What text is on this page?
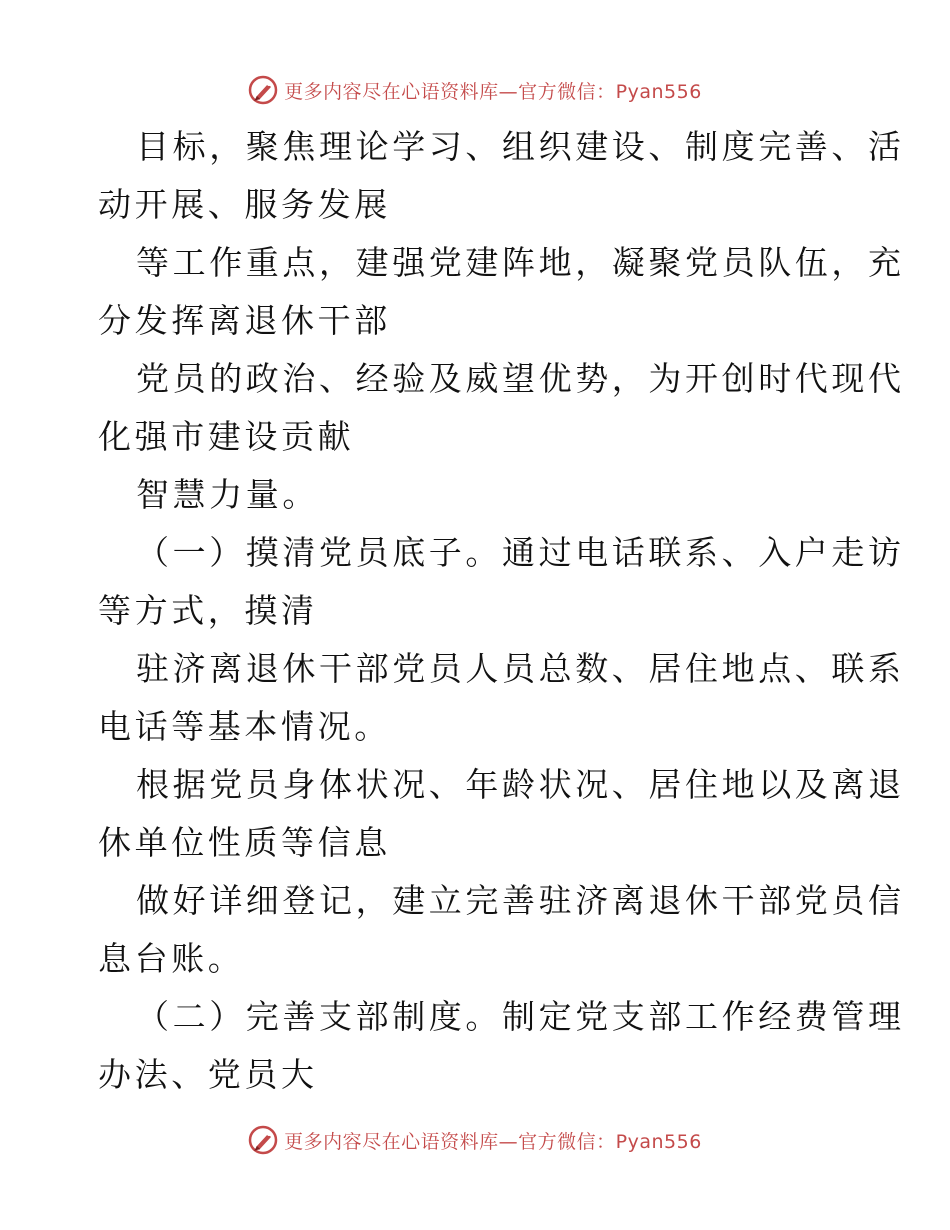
更多内容尽在心语资料库—官方微信：Pyan556
目标，聚焦理论学习、组织建设、制度完善、活
动开展、服务发展
等工作重点，建强党建阵地，凝聚党员队伍，充
分发挥离退休干部
党员的政治、经验及威望优势，为开创时代现代
化强市建设贡献
智慧力量。
（一）摸清党员底子。通过电话联系、入户走访
等方式，摸清
驻济离退休干部党员人员总数、居住地点、联系
电话等基本情况。
根据党员身体状况、年龄状况、居住地以及离退
休单位性质等信息
做好详细登记，建立完善驻济离退休干部党员信
息台账。
（二）完善支部制度。制定党支部工作经费管理
办法、党员大
更多内容尽在心语资料库—官方微信：Pyan556
